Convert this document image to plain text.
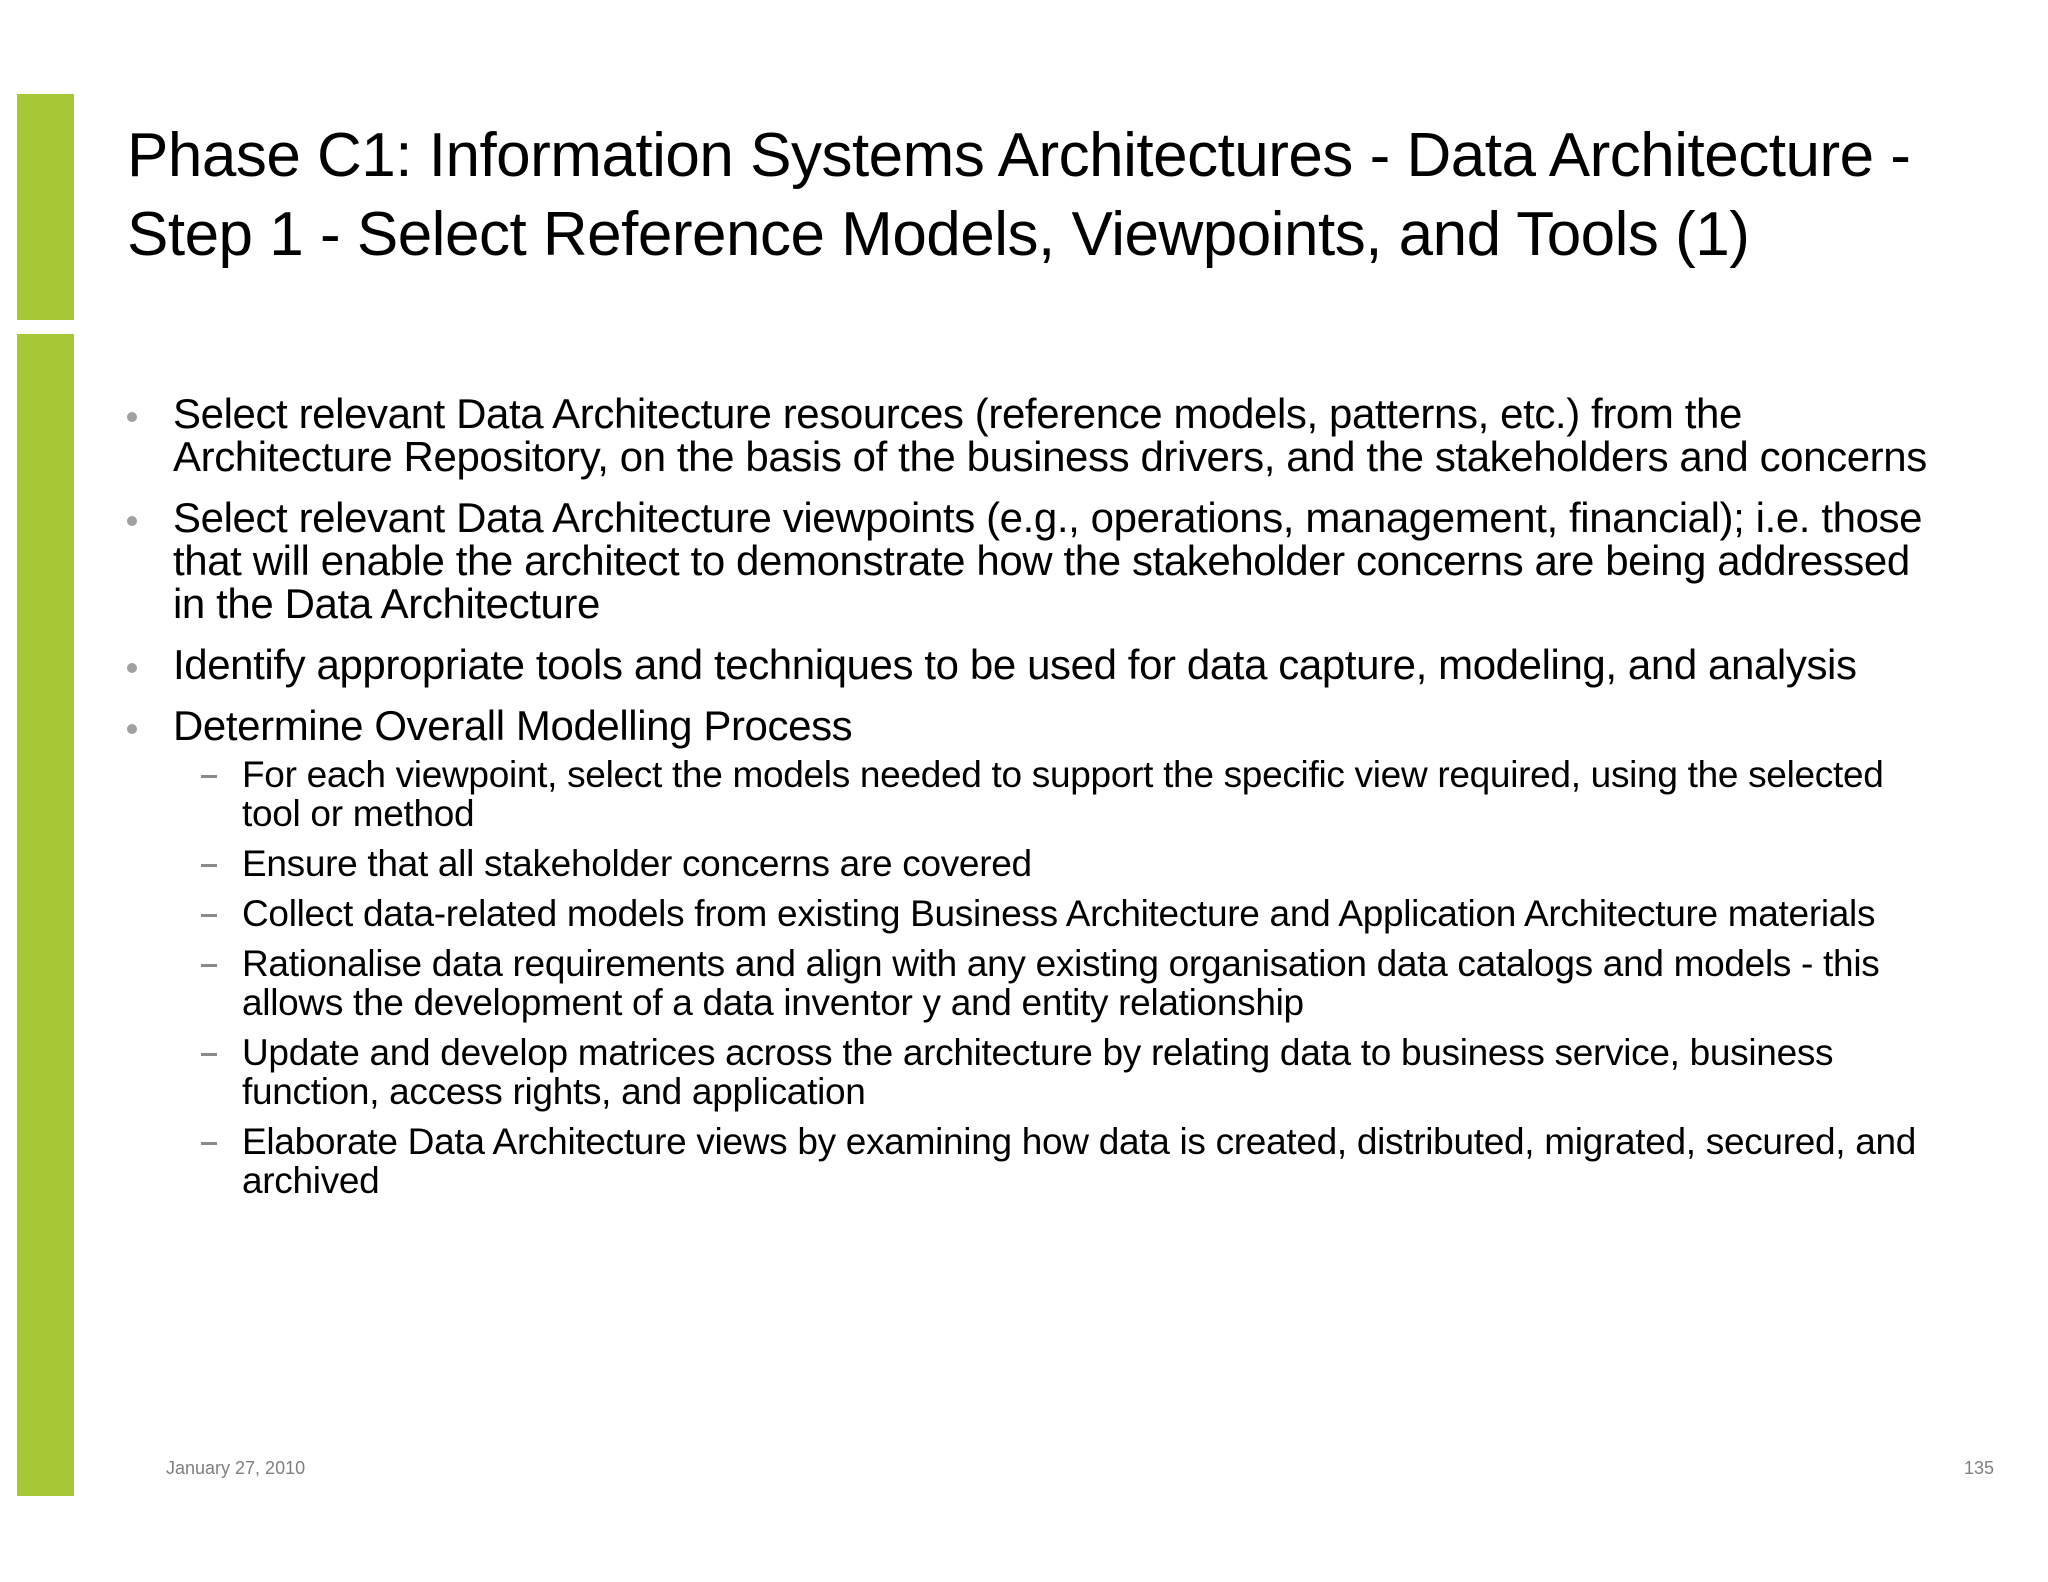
Phase C1: Information Systems Architectures - Data Architecture - Step 1 - Select Reference Models, Viewpoints, and Tools (1)
Select relevant Data Architecture resources (reference models, patterns, etc.) from the Architecture Repository, on the basis of the business drivers, and the stakeholders and concerns
Select relevant Data Architecture viewpoints (e.g., operations, management, financial); i.e. those that will enable the architect to demonstrate how the stakeholder concerns are being addressed in the Data Architecture
Identify appropriate tools and techniques to be used for data capture, modeling, and analysis
Determine Overall Modelling Process
For each viewpoint, select the models needed to support the specific view required, using the selected tool or method
Ensure that all stakeholder concerns are covered
Collect data-related models from existing Business Architecture and Application Architecture materials
Rationalise data requirements and align with any existing organisation data catalogs and models - this allows the development of a data inventor y and entity relationship
Update and develop matrices across the architecture by relating data to business service, business function, access rights, and application
Elaborate Data Architecture views by examining how data is created, distributed, migrated, secured, and archived
January 27, 2010	135
